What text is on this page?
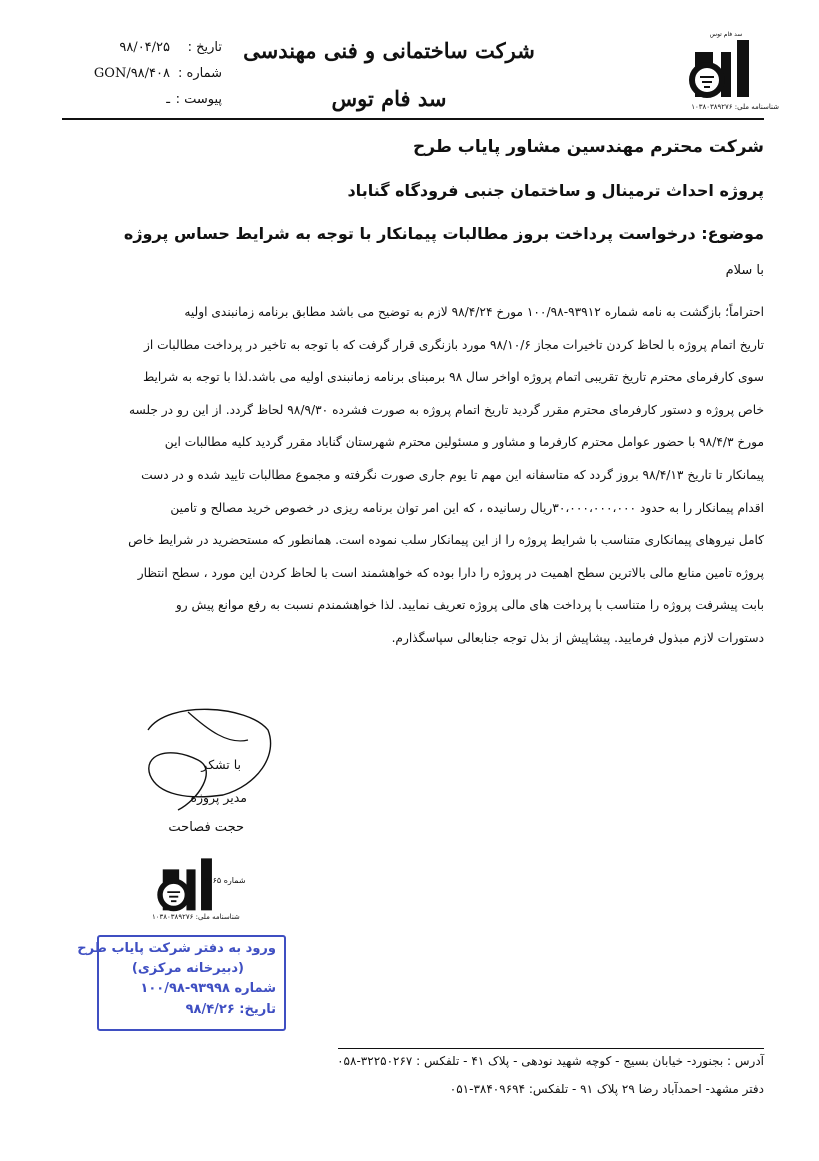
شرکت ساختمانی و فنی مهندسی
سد فام توس
سد فام توس
شناسنامه ملی: ۱۰۳۸۰۳۸۹۲۷۶
تاریخ :
۹۸/۰۴/۲۵
شماره :
GON/۹۸/۴۰۸
پیوست :
ـ
شرکت محترم مهندسین مشاور پایاب طرح
پروژه احداث ترمینال و ساختمان جنبی فرودگاه گناباد
موضوع: درخواست پرداخت بروز مطالبات پیمانکار با توجه به شرایط حساس پروژه
با سلام
احتراماً؛ بازگشت به نامه شماره ۹۳۹۱۲-۱۰۰/۹۸ مورخ ۹۸/۴/۲۴ لازم به توضیح می باشد مطابق برنامه زمانبندی اولیه
تاریخ اتمام پروژه با لحاظ کردن تاخیرات مجاز ۹۸/۱۰/۶ مورد بازنگری قرار گرفت که با توجه به تاخیر در پرداخت مطالبات از
سوی کارفرمای محترم تاریخ تقریبی اتمام پروژه اواخر سال ۹۸ برمبنای برنامه زمانبندی اولیه می باشد.لذا با توجه به شرایط
خاص پروژه و دستور کارفرمای محترم مقرر گردید تاریخ اتمام پروژه به صورت فشرده ۹۸/۹/۳۰ لحاظ گردد. از این رو در جلسه
مورخ ۹۸/۴/۳ با حضور عوامل محترم کارفرما و مشاور و مسئولین محترم شهرستان گناباد مقرر گردید کلیه مطالبات این
پیمانکار تا تاریخ ۹۸/۴/۱۳ بروز گردد که متاسفانه این مهم تا یوم جاری صورت نگرفته و مجموع مطالبات تایید شده و در دست
اقدام پیمانکار را به حدود ۳۰،۰۰۰،۰۰۰،۰۰۰ریال رسانیده ، که این امر توان برنامه ریزی در خصوص خرید مصالح و تامین
کامل نیروهای پیمانکاری متناسب با شرایط پروژه را از این پیمانکار سلب نموده است. همانطور که مستحضرید در شرایط خاص
پروژه تامین منابع مالی بالاترین سطح اهمیت در پروژه را دارا بوده که خواهشمند است با لحاظ کردن این مورد ، سطح انتظار
بابت پیشرفت پروژه را متناسب با پرداخت های مالی پروژه تعریف نمایید. لذا خواهشمندم نسبت به رفع موانع پیش رو
دستورات لازم مبذول فرمایید. پیشاپیش از بذل توجه جنابعالی سپاسگذارم.
با تشکر
مدیر پروژه
حجت فصاحت
شماره ۴۰۶۵
شناسنامه ملی: ۱۰۳۸۰۳۸۹۲۷۶
ورود به دفتر شرکت پایاب طرح
(دبیرخانه مرکزی)
شماره ۹۳۹۹۸-۱۰۰/۹۸
تاریخ: ۹۸/۴/۲۶
آدرس : بجنورد- خیابان بسیج - کوچه شهید نودهی - پلاک ۴۱ - تلفکس : ۳۲۲۵۰۲۶۷-۰۵۸
دفتر مشهد- احمدآباد رضا ۲۹ پلاک ۹۱ - تلفکس: ۳۸۴۰۹۶۹۴-۰۵۱
